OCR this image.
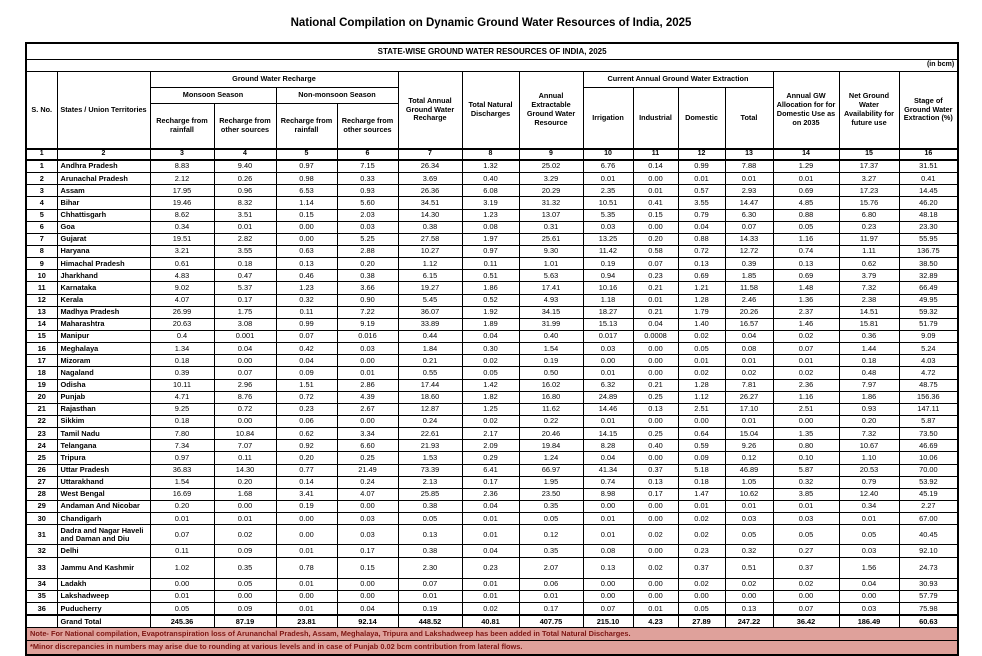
National Compilation on Dynamic Ground Water Resources of India, 2025
STATE-WISE GROUND WATER RESOURCES OF INDIA, 2025															
(in bcm)															
S. No.	States / Union Territories	Ground Water Recharge				Total Annual Ground Water Recharge	Total Natural Discharges	Annual Extractable Ground Water Resource	Current Annual Ground Water Extraction				Annual GW Allocation for for Domestic Use as on 2035	Net Ground Water Availability for future use	Stage of Ground Water Extraction (%)
		Monsoon Season		Non-monsoon Season					Irrigation	Industrial	Domestic	Total			
		Recharge from rainfall	Recharge from other sources	Recharge from rainfall	Recharge from other sources										
1	2	3	4	5	6	7	8	9	10	11	12	13	14	15	16
1	Andhra Pradesh	8.83	9.40	0.97	7.15	26.34	1.32	25.02	6.76	0.14	0.99	7.88	1.29	17.37	31.51
2	Arunachal Pradesh	2.12	0.26	0.98	0.33	3.69	0.40	3.29	0.01	0.00	0.01	0.01	0.01	3.27	0.41
3	Assam	17.95	0.96	6.53	0.93	26.36	6.08	20.29	2.35	0.01	0.57	2.93	0.69	17.23	14.45
4	Bihar	19.46	8.32	1.14	5.60	34.51	3.19	31.32	10.51	0.41	3.55	14.47	4.85	15.76	46.20
5	Chhattisgarh	8.62	3.51	0.15	2.03	14.30	1.23	13.07	5.35	0.15	0.79	6.30	0.88	6.80	48.18
6	Goa	0.34	0.01	0.00	0.03	0.38	0.08	0.31	0.03	0.00	0.04	0.07	0.05	0.23	23.30
7	Gujarat	19.51	2.82	0.00	5.25	27.58	1.97	25.61	13.25	0.20	0.88	14.33	1.16	11.97	55.95
8	Haryana	3.21	3.55	0.63	2.88	10.27	0.97	9.30	11.42	0.58	0.72	12.72	0.74	1.11	136.75
9	Himachal Pradesh	0.61	0.18	0.13	0.20	1.12	0.11	1.01	0.19	0.07	0.13	0.39	0.13	0.62	38.50
10	Jharkhand	4.83	0.47	0.46	0.38	6.15	0.51	5.63	0.94	0.23	0.69	1.85	0.69	3.79	32.89
11	Karnataka	9.02	5.37	1.23	3.66	19.27	1.86	17.41	10.16	0.21	1.21	11.58	1.48	7.32	66.49
12	Kerala	4.07	0.17	0.32	0.90	5.45	0.52	4.93	1.18	0.01	1.28	2.46	1.36	2.38	49.95
13	Madhya Pradesh	26.99	1.75	0.11	7.22	36.07	1.92	34.15	18.27	0.21	1.79	20.26	2.37	14.51	59.32
14	Maharashtra	20.63	3.08	0.99	9.19	33.89	1.89	31.99	15.13	0.04	1.40	16.57	1.46	15.81	51.79
15	Manipur	0.4	0.001	0.07	0.016	0.44	0.04	0.40	0.017	0.0008	0.02	0.04	0.02	0.36	9.09
16	Meghalaya	1.34	0.04	0.42	0.03	1.84	0.30	1.54	0.03	0.00	0.05	0.08	0.07	1.44	5.24
17	Mizoram	0.18	0.00	0.04	0.00	0.21	0.02	0.19	0.00	0.00	0.01	0.01	0.01	0.18	4.03
18	Nagaland	0.39	0.07	0.09	0.01	0.55	0.05	0.50	0.01	0.00	0.02	0.02	0.02	0.48	4.72
19	Odisha	10.11	2.96	1.51	2.86	17.44	1.42	16.02	6.32	0.21	1.28	7.81	2.36	7.97	48.75
20	Punjab	4.71	8.76	0.72	4.39	18.60	1.82	16.80	24.89	0.25	1.12	26.27	1.16	1.86	156.36
21	Rajasthan	9.25	0.72	0.23	2.67	12.87	1.25	11.62	14.46	0.13	2.51	17.10	2.51	0.93	147.11
22	Sikkim	0.18	0.00	0.06	0.00	0.24	0.02	0.22	0.01	0.00	0.00	0.01	0.00	0.20	5.87
23	Tamil Nadu	7.80	10.84	0.62	3.34	22.61	2.17	20.46	14.15	0.25	0.64	15.04	1.35	7.32	73.50
24	Telangana	7.34	7.07	0.92	6.60	21.93	2.09	19.84	8.28	0.40	0.59	9.26	0.80	10.67	46.69
25	Tripura	0.97	0.11	0.20	0.25	1.53	0.29	1.24	0.04	0.00	0.09	0.12	0.10	1.10	10.06
26	Uttar Pradesh	36.83	14.30	0.77	21.49	73.39	6.41	66.97	41.34	0.37	5.18	46.89	5.87	20.53	70.00
27	Uttarakhand	1.54	0.20	0.14	0.24	2.13	0.17	1.95	0.74	0.13	0.18	1.05	0.32	0.79	53.92
28	West Bengal	16.69	1.68	3.41	4.07	25.85	2.36	23.50	8.98	0.17	1.47	10.62	3.85	12.40	45.19
29	Andaman And Nicobar	0.20	0.00	0.19	0.00	0.38	0.04	0.35	0.00	0.00	0.01	0.01	0.01	0.34	2.27
30	Chandigarh	0.01	0.01	0.00	0.03	0.05	0.01	0.05	0.01	0.00	0.02	0.03	0.03	0.01	67.00
31	Dadra and Nagar Haveli and Daman and Diu	0.07	0.02	0.00	0.03	0.13	0.01	0.12	0.01	0.02	0.02	0.05	0.05	0.05	40.45
32	Delhi	0.11	0.09	0.01	0.17	0.38	0.04	0.35	0.08	0.00	0.23	0.32	0.27	0.03	92.10
33	Jammu And Kashmir	1.02	0.35	0.78	0.15	2.30	0.23	2.07	0.13	0.02	0.37	0.51	0.37	1.56	24.73
34	Ladakh	0.00	0.05	0.01	0.00	0.07	0.01	0.06	0.00	0.00	0.02	0.02	0.02	0.04	30.93
35	Lakshadweep	0.01	0.00	0.00	0.00	0.01	0.01	0.01	0.00	0.00	0.00	0.00	0.00	0.00	57.79
36	Puducherry	0.05	0.09	0.01	0.04	0.19	0.02	0.17	0.07	0.01	0.05	0.13	0.07	0.03	75.98
	Grand Total	245.36	87.19	23.81	92.14	448.52	40.81	407.75	215.10	4.23	27.89	247.22	36.42	186.49	60.63
Note- For National compilation, Evapotranspiration loss of Arunanchal Pradesh, Assam, Meghalaya, Tripura and Lakshadweep has been added in Total Natural Discharges.															
*Minor discrepancies in numbers may arise due to rounding at various levels and in case of Punjab 0.02 bcm contribution from lateral flows.															
